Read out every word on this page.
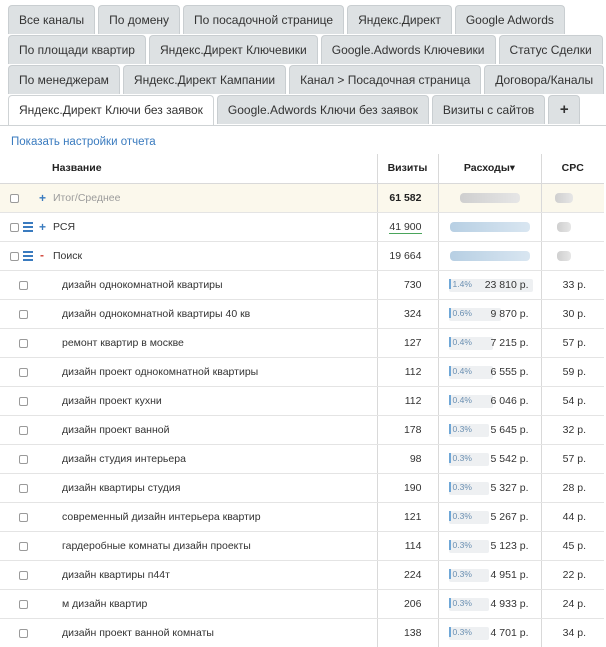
Все каналы	По домену	По посадочной странице	Яндекс.Директ	Google Adwords
По площади квартир	Яндекс.Директ Ключевики	Google.Adwords Ключевики	Статус Сделки
По менеджерам	Яндекс.Директ Кампании	Канал > Посадочная страница	Договора/Каналы
Яндекс.Директ Ключи без заявок	Google.Adwords Ключи без заявок	Визиты с сайтов	+
Показать настройки отчета
Название	Визиты	Расходы▾	CPC

+ Итог/Среднее	61 582		

+ РСЯ	41 900		

- Поиск	19 664		

дизайн однокомнатной квартиры	730	1.4% 23 810 р.	33 р.

дизайн однокомнатной квартиры 40 кв	324	0.6% 9 870 р.	30 р.

ремонт квартир в москве	127	0.4% 7 215 р.	57 р.

дизайн проект однокомнатной квартиры	112	0.4% 6 555 р.	59 р.

дизайн проект кухни	112	0.4% 6 046 р.	54 р.

дизайн проект ванной	178	0.3% 5 645 р.	32 р.

дизайн студия интерьера	98	0.3% 5 542 р.	57 р.

дизайн квартиры студия	190	0.3% 5 327 р.	28 р.

современный дизайн интерьера квартир	121	0.3% 5 267 р.	44 р.

гардеробные комнаты дизайн проекты	114	0.3% 5 123 р.	45 р.

дизайн квартиры п44т	224	0.3% 4 951 р.	22 р.

м дизайн квартир	206	0.3% 4 933 р.	24 р.

дизайн проект ванной комнаты	138	0.3% 4 701 р.	34 р.
